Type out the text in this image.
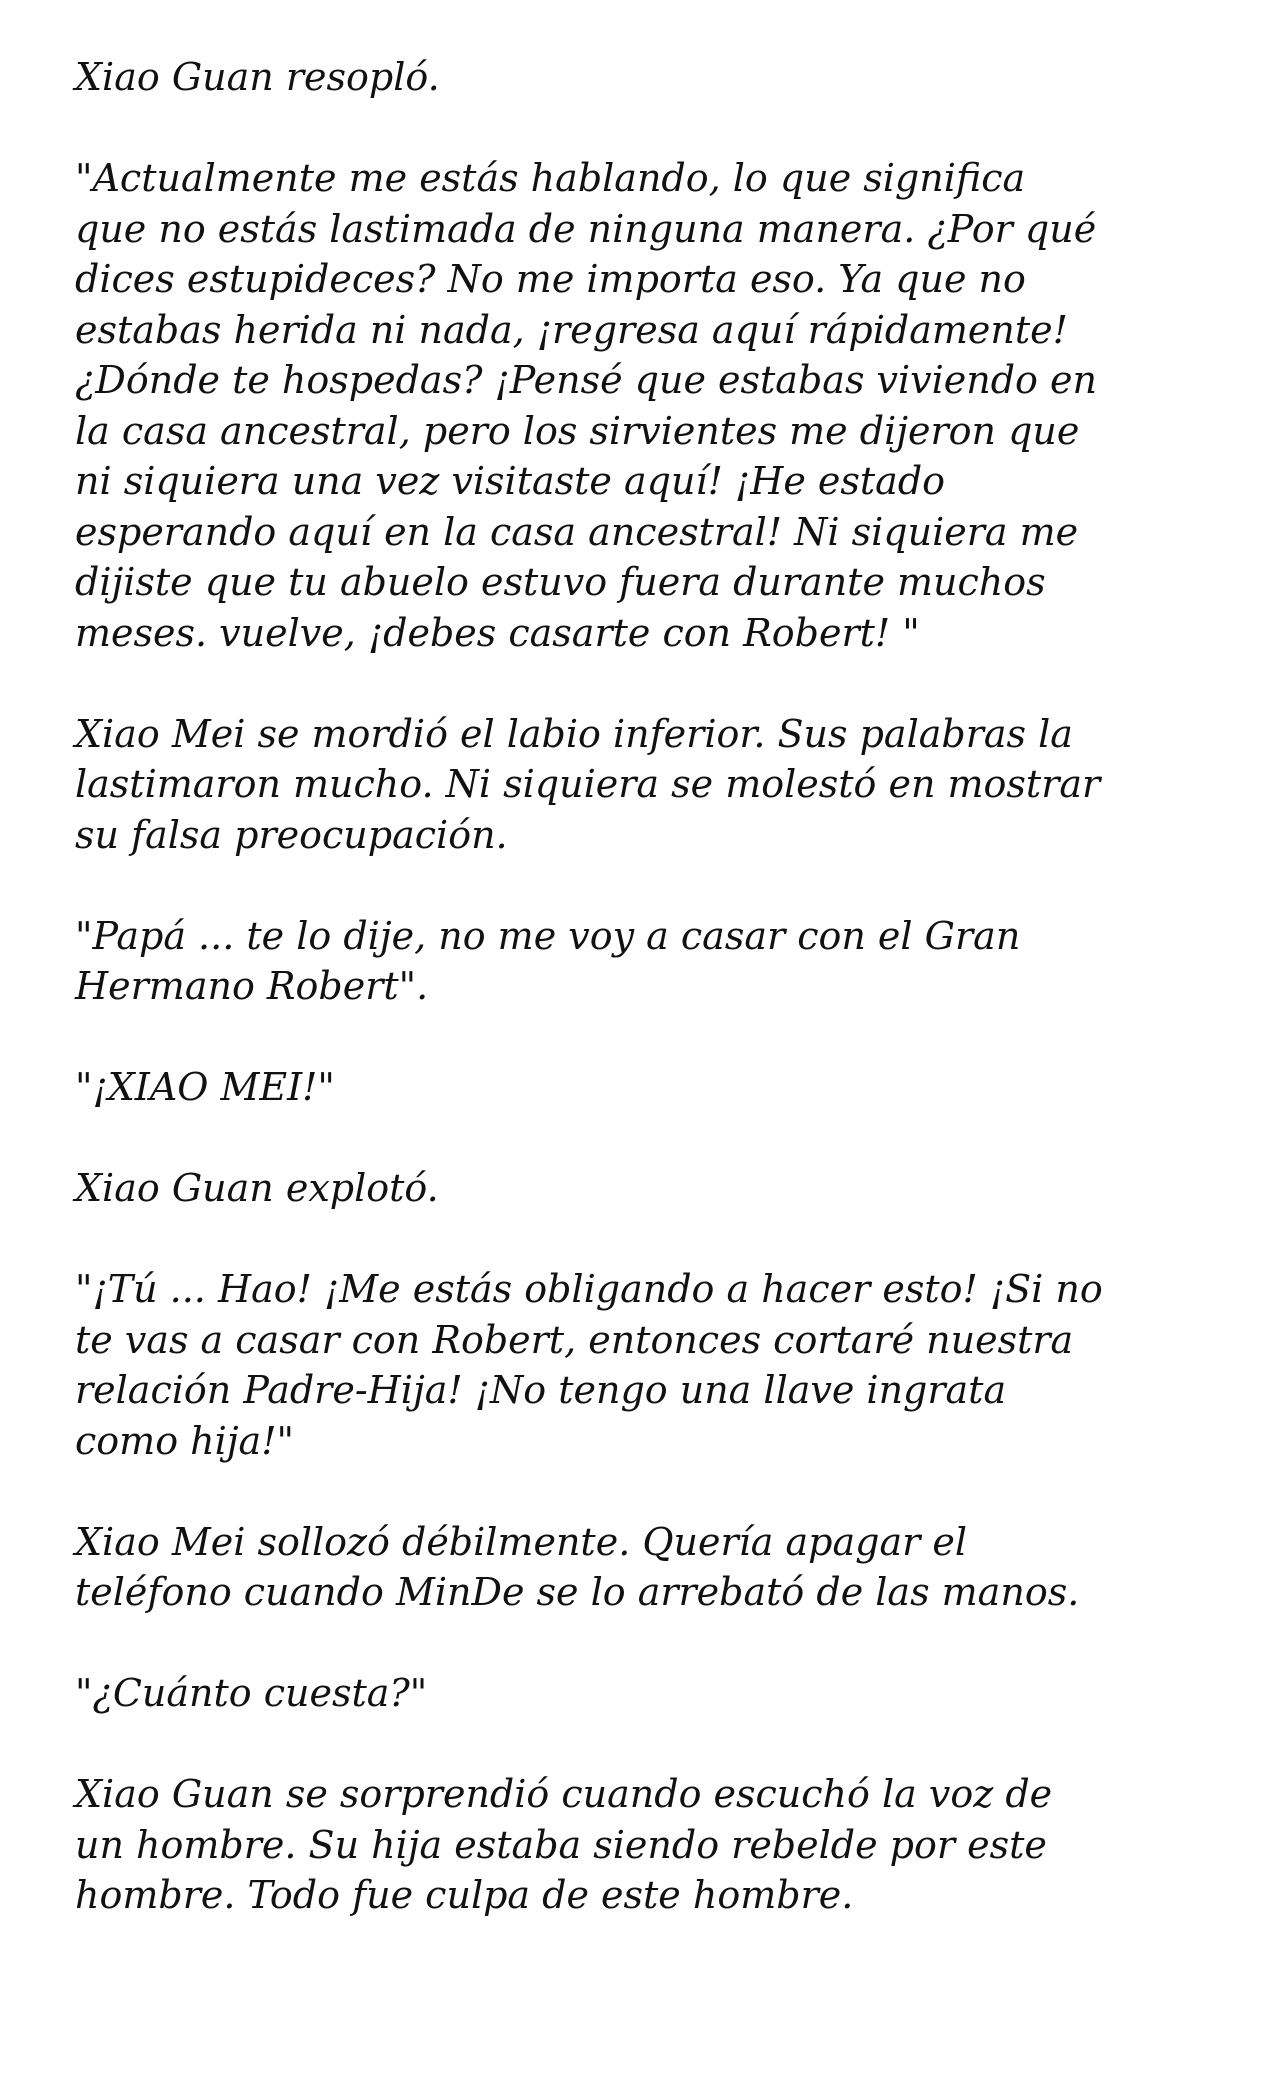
Xiao Guan resopló.

"Actualmente me estás hablando, lo que significa
que no estás lastimada de ninguna manera. ¿Por qué
dices estupideces? No me importa eso. Ya que no
estabas herida ni nada, ¡regresa aquí rápidamente!
¿Dónde te hospedas? ¡Pensé que estabas viviendo en
la casa ancestral, pero los sirvientes me dijeron que
ni siquiera una vez visitaste aquí! ¡He estado
esperando aquí en la casa ancestral! Ni siquiera me
dijiste que tu abuelo estuvo fuera durante muchos
meses. vuelve, ¡debes casarte con Robert! "

Xiao Mei se mordió el labio inferior. Sus palabras la
lastimaron mucho. Ni siquiera se molestó en mostrar
su falsa preocupación.

"Papá ... te lo dije, no me voy a casar con el Gran
Hermano Robert".

"¡XIAO MEI!"

Xiao Guan explotó.

"¡Tú ... Hao! ¡Me estás obligando a hacer esto! ¡Si no
te vas a casar con Robert, entonces cortaré nuestra
relación Padre-Hija! ¡No tengo una llave ingrata
como hija!"

Xiao Mei sollozó débilmente. Quería apagar el
teléfono cuando MinDe se lo arrebató de las manos.

"¿Cuánto cuesta?"

Xiao Guan se sorprendió cuando escuchó la voz de
un hombre. Su hija estaba siendo rebelde por este
hombre. Todo fue culpa de este hombre.
